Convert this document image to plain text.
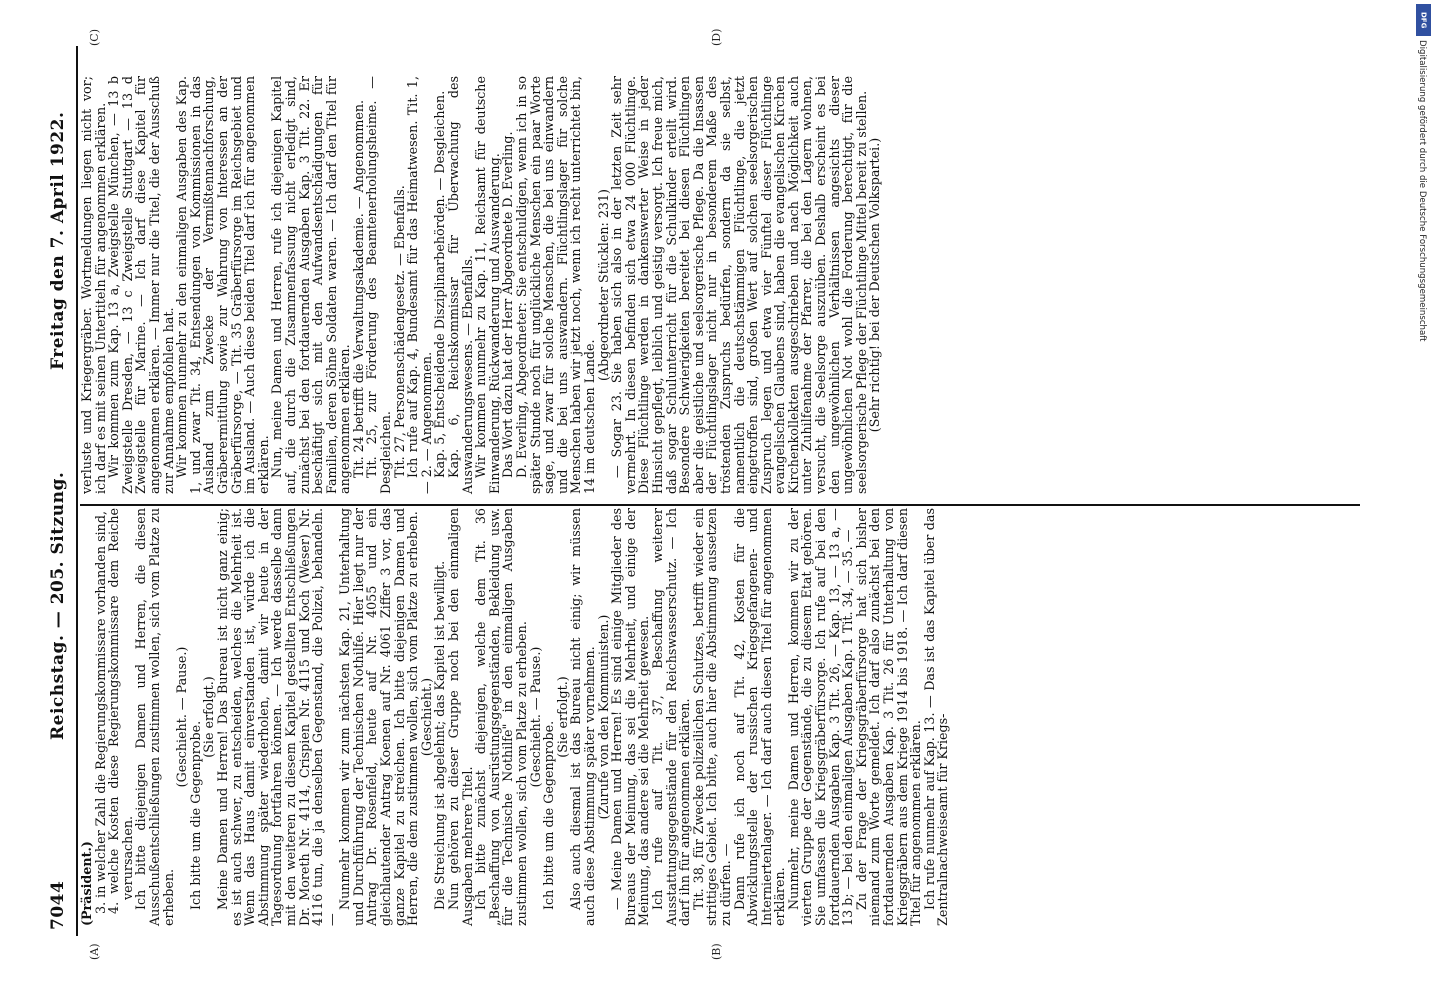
7044
Reichstag. — 205. Sitzung.
Freitag den 7. April 1922.
(A)	(B)
(C)	(D)

(Präsident.)

3. in welcher Zahl die Regierungskommissare vorhanden sind,

4. welche Kosten diese Regierungskommissare dem Reiche verursachen.

Ich bitte diejenigen Damen und Herren, die diesen Ausschußentschließungen zustimmen wollen, sich vom Platze zu erheben.

(Geschieht. — Pause.)

Ich bitte um die Gegenprobe.

(Sie erfolgt.)

Meine Damen und Herren! Das Bureau ist nicht ganz einig; es ist auch schwer, zu entscheiden, welches die Mehrheit ist. Wenn das Haus damit einverstanden ist, würde ich die Abstimmung später wiederholen, damit wir heute in der Tagesordnung fortfahren können. — Ich werde dasselbe dann mit den weiteren zu diesem Kapitel gestellten Entschließungen Dr. Moreth Nr. 4114, Crispien Nr. 4115 und Koch (Weser) Nr. 4116 tun, die ja denselben Gegenstand, die Polizei, behandeln. —

Nunmehr kommen wir zum nächsten Kap. 21, Unterhaltung und Durchführung der Technischen Nothilfe. Hier liegt nur der Antrag Dr. Rosenfeld, heute auf Nr. 4055 und ein gleichlautender Antrag Koenen auf Nr. 4061 Ziffer 3 vor, das ganze Kapitel zu streichen. Ich bitte diejenigen Damen und Herren, die dem zustimmen wollen, sich vom Platze zu erheben.

(Geschieht.)

Die Streichung ist abgelehnt; das Kapitel ist bewilligt.

Nun gehören zu dieser Gruppe noch bei den einmaligen Ausgaben mehrere Titel.

Ich bitte zunächst diejenigen, welche dem Tit. 36 „Beschaffung von Ausrüstungsgegenständen, Bekleidung usw. für die Technische Nothilfe" in den einmaligen Ausgaben zustimmen wollen, sich vom Platze zu erheben.

(Geschieht. — Pause.)

Ich bitte um die Gegenprobe.

(Sie erfolgt.)

Also auch diesmal ist das Bureau nicht einig; wir müssen auch diese Abstimmung später vornehmen.

(Zurufe von den Kommunisten.)

— Meine Damen und Herren! Es sind einige Mitglieder des Bureaus der Meinung, das sei die Mehrheit, und einige der Meinung, das andere sei die Mehrheit gewesen.

Ich rufe auf Tit. 37, Beschaffung weiterer Ausstattungsgegenstände für den Reichswasserschutz. — Ich darf ihn für angenommen erklären.

Tit. 38, für Zwecke polizeilichen Schutzes, betrifft wieder ein strittiges Gebiet. Ich bitte, auch hier die Abstimmung aussetzen zu dürfen. —

Dann rufe ich noch auf Tit. 42, Kosten für die Abwicklungsstelle der russischen Kriegsgefangenen- und Interniertenlager. — Ich darf auch diesen Titel für angenommen erklären.

Nunmehr, meine Damen und Herren, kommen wir zu der vierten Gruppe der Gegenstände, die zu diesem Etat gehören. Sie umfassen die Kriegsgräberfürsorge. Ich rufe auf bei den fortdauernden Ausgaben Kap. 3 Tit. 26, — Kap. 13, — 13 a, — 13 b; — bei den einmaligen Ausgaben Kap. 1 Tit. 34, — 35. —

Zu der Frage der Kriegsgräberfürsorge hat sich bisher niemand zum Worte gemeldet. Ich darf also zunächst bei den fortdauernden Ausgaben Kap. 3 Tit. 26 für Unterhaltung von Kriegsgräbern aus dem Kriege 1914 bis 1918. — Ich darf diesen Titel für angenommen erklären.

Ich rufe nunmehr auf Kap. 13. — Das ist das Kapitel über das Zentralnachweiseamt für Kriegs-

verluste und Kriegergräber. Wortmeldungen liegen nicht vor; ich darf es mit seinen Untertiteln für angenommen erklären.

Wir kommen zum Kap. 13 a, Zweigstelle München, — 13 b Zweigstelle Dresden, — 13 c Zweigstelle Stuttgart — 13 d Zweigstelle für Marine. — Ich darf diese Kapitel für angenommen erklären. — Immer nur die Titel, die der Ausschuß zur Annahme empfohlen hat.

Wir kommen nunmehr zu den einmaligen Ausgaben des Kap. 1, und zwar Tit. 34, Entsendungen von Kommissionen in das Ausland zum Zwecke der Vermißtennachforschung, Gräberermittlung sowie zur Wahrung von Interessen an der Gräberfürsorge, — Tit. 35 Gräberfürsorge im Reichsgebiet und im Ausland. — Auch diese beiden Titel darf ich für angenommen erklären.

Nun, meine Damen und Herren, rufe ich diejenigen Kapitel auf, die durch die Zusammenfassung nicht erledigt sind, zunächst bei den fortdauernden Ausgaben Kap. 3 Tit. 22. Er beschäftigt sich mit den Aufwandsentschädigungen für Familien, deren Söhne Soldaten waren. — Ich darf den Titel für angenommen erklären.

Tit. 24 betrifft die Verwaltungsakademie. — Angenommen.

Tit. 25, zur Förderung des Beamtenerholungsheime. — Desgleichen.

Tit. 27, Personenschädengesetz. — Ebenfalls.

Ich rufe auf Kap. 4, Bundesamt für das Heimatwesen. Tit. 1, — 2. — Angenommen.

Kap. 5, Entscheidende Disziplinarbehörden. — Desgleichen.

Kap. 6, Reichskommissar für Überwachung des Auswanderungswesens. — Ebenfalls.

Wir kommen nunmehr zu Kap. 11, Reichsamt für deutsche Einwanderung, Rückwanderung und Auswanderung.

Das Wort dazu hat der Herr Abgeordnete D. Everling.

D. Everling, Abgeordneter: Sie entschuldigen, wenn ich in so später Stunde noch für unglückliche Menschen ein paar Worte sage, und zwar für solche Menschen, die bei uns einwandern und die bei uns auswandern. Flüchtlingslager für solche Menschen haben wir jetzt noch, wenn ich recht unterrichtet bin, 14 im deutschen Lande.

(Abgeordneter Stücklen: 231)

— Sogar 23. Sie haben sich also in der letzten Zeit sehr vermehrt. In diesen befinden sich etwa 24 000 Flüchtlinge. Diese Flüchtlinge werden in dankenswerter Weise in jeder Hinsicht gepflegt, leiblich und geistig versorgt. Ich freue mich, daß sogar Schulunterricht für die Schulkinder erteilt wird. Besondere Schwierigkeiten bereitet bei diesen Flüchtlingen aber die geistliche und seelsorgerische Pflege. Da die Insassen der Flüchtlingslager nicht nur in besonderem Maße des tröstenden Zuspruchs bedürfen, sondern da sie selbst, namentlich die deutschstämmigen Flüchtlinge, die jetzt eingetroffen sind, großen Wert auf solchen seelsorgerischen Zuspruch legen und etwa vier Fünftel dieser Flüchtlinge evangelischen Glaubens sind, haben die evangelischen Kirchen Kirchenkollekten ausgeschrieben und nach Möglichkeit auch unter Zuhilfenahme der Pfarrer, die bei den Lagern wohnen, versucht, die Seelsorge auszuüben. Deshalb erscheint es bei den ungewöhnlichen Verhältnissen angesichts dieser ungewöhnlichen Not wohl die Forderung berechtigt, für die seelsorgerische Pflege der Flüchtlinge Mittel bereit zu stellen.

(Sehr richtig! bei der Deutschen Volkspartei.)

DFG
Digitalisierung gefördert durch die Deutsche Forschungsgemeinschaft
